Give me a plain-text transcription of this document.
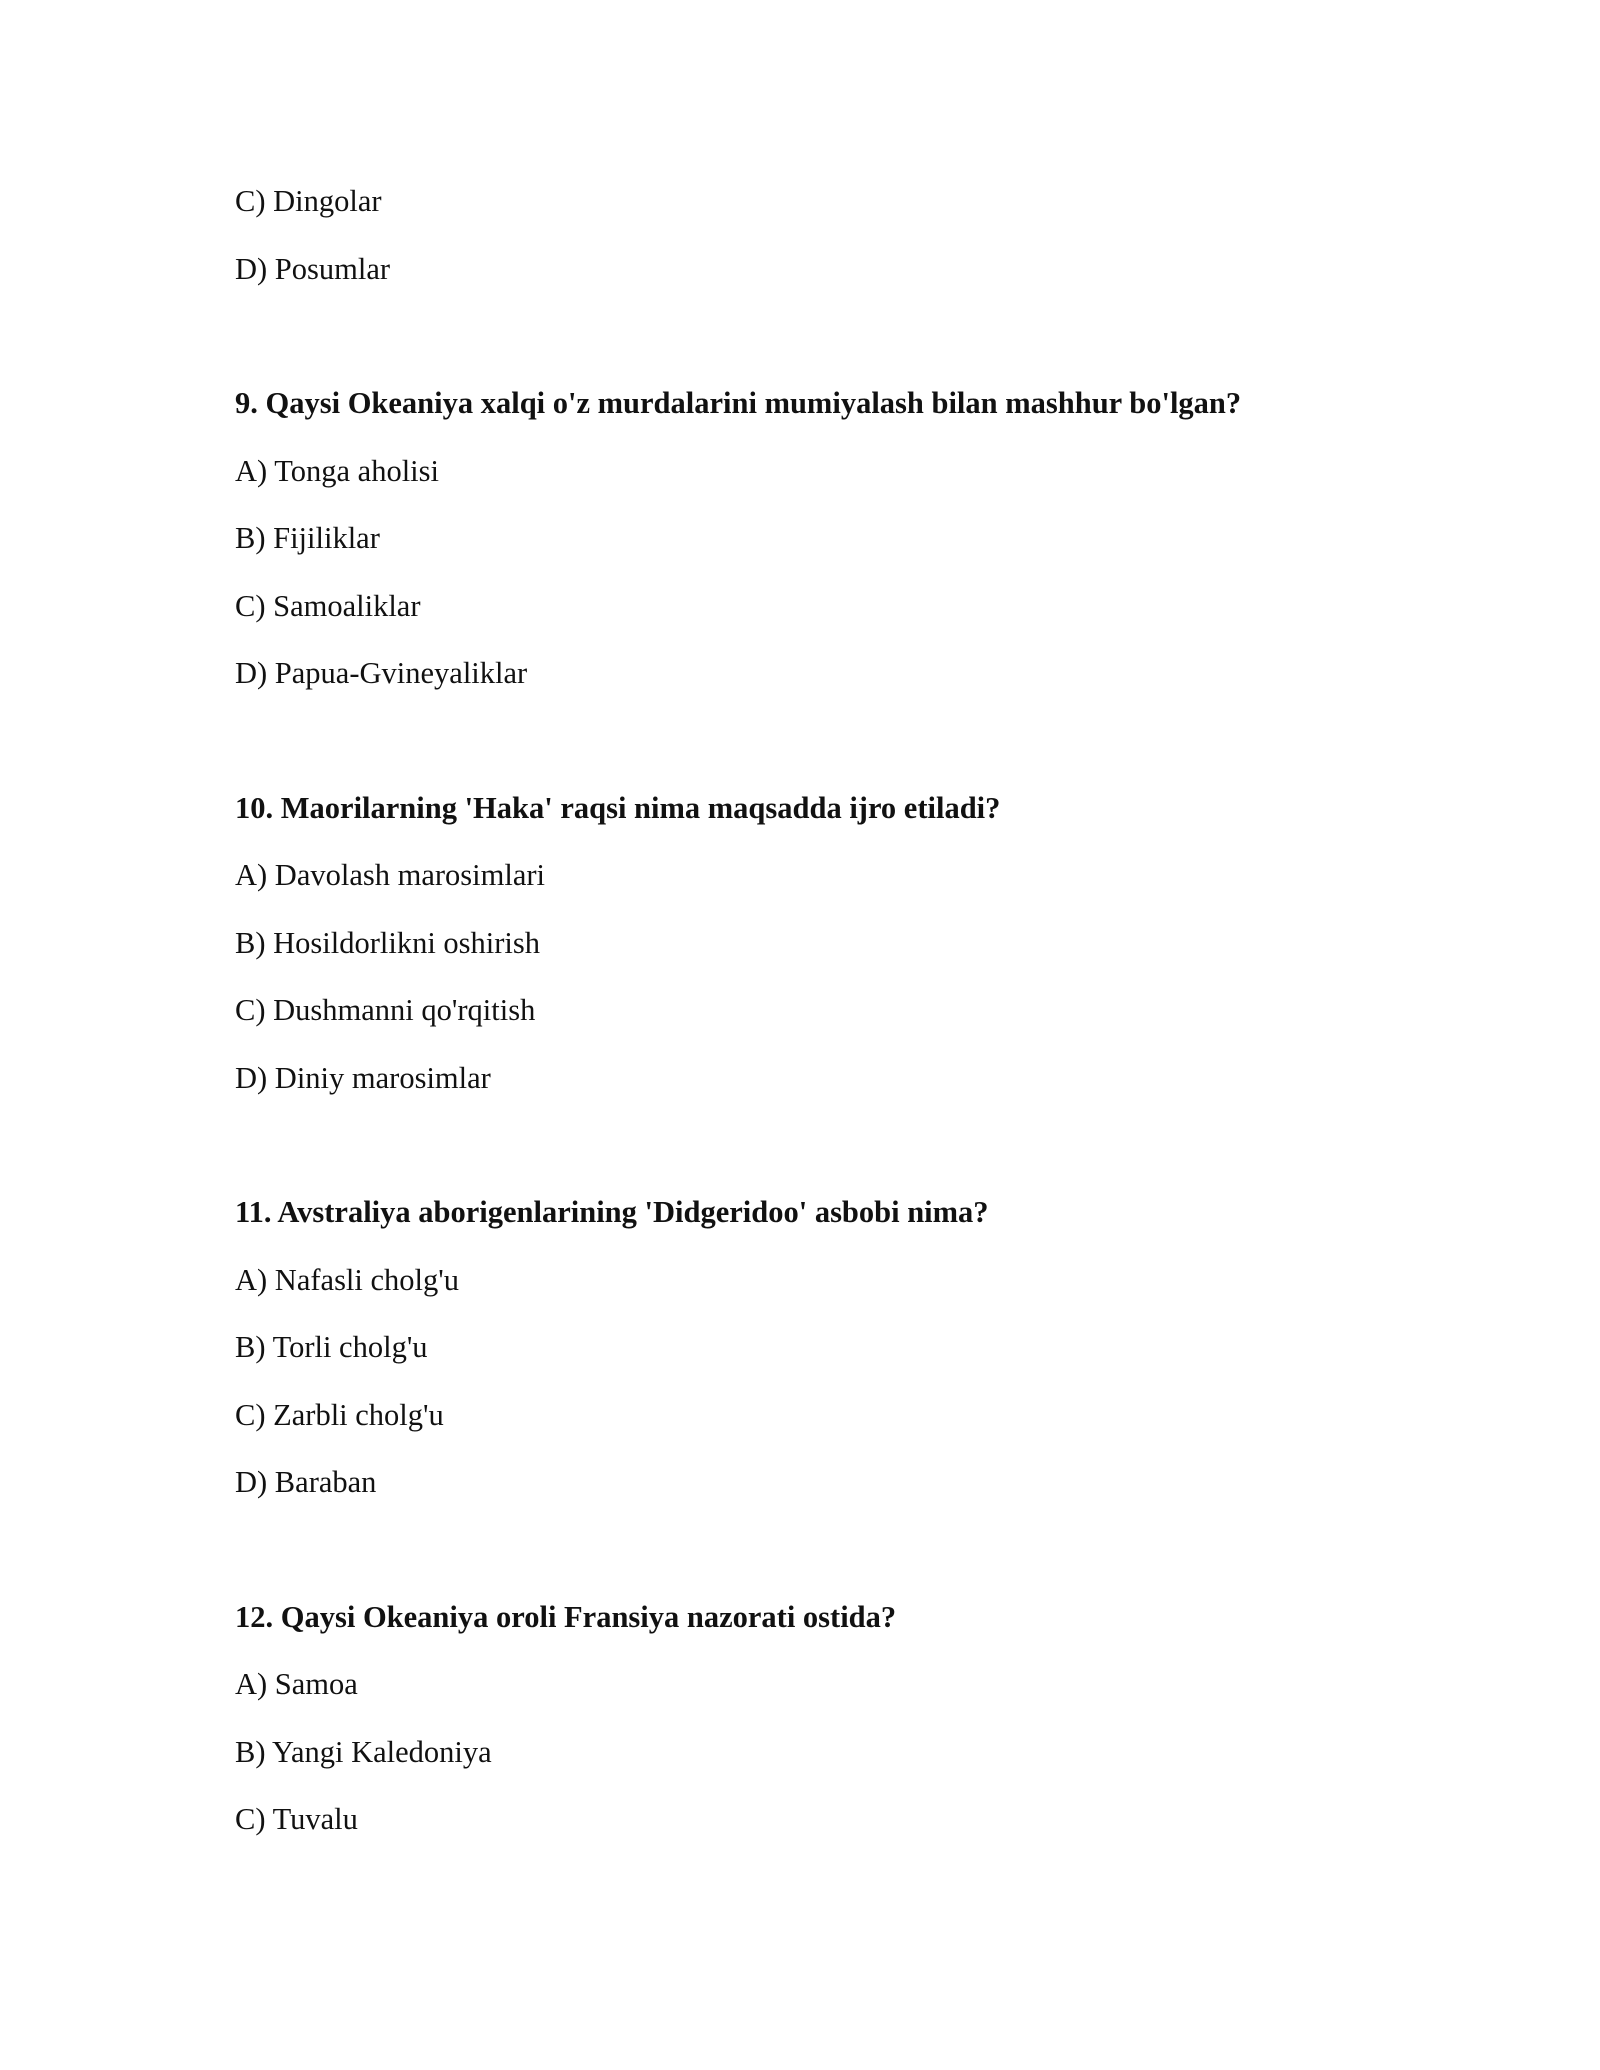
C) Dingolar
D) Posumlar
9. Qaysi Okeaniya xalqi o'z murdalarini mumiyalash bilan mashhur bo'lgan?
A) Tonga aholisi
B) Fijiliklar
C) Samoaliklar
D) Papua-Gvineyaliklar
10. Maorilarning 'Haka' raqsi nima maqsadda ijro etiladi?
A) Davolash marosimlari
B) Hosildorlikni oshirish
C) Dushmanni qo'rqitish
D) Diniy marosimlar
11. Avstraliya aborigenlarining 'Didgeridoo' asbobi nima?
A) Nafasli cholg'u
B) Torli cholg'u
C) Zarbli cholg'u
D) Baraban
12. Qaysi Okeaniya oroli Fransiya nazorati ostida?
A) Samoa
B) Yangi Kaledoniya
C) Tuvalu
